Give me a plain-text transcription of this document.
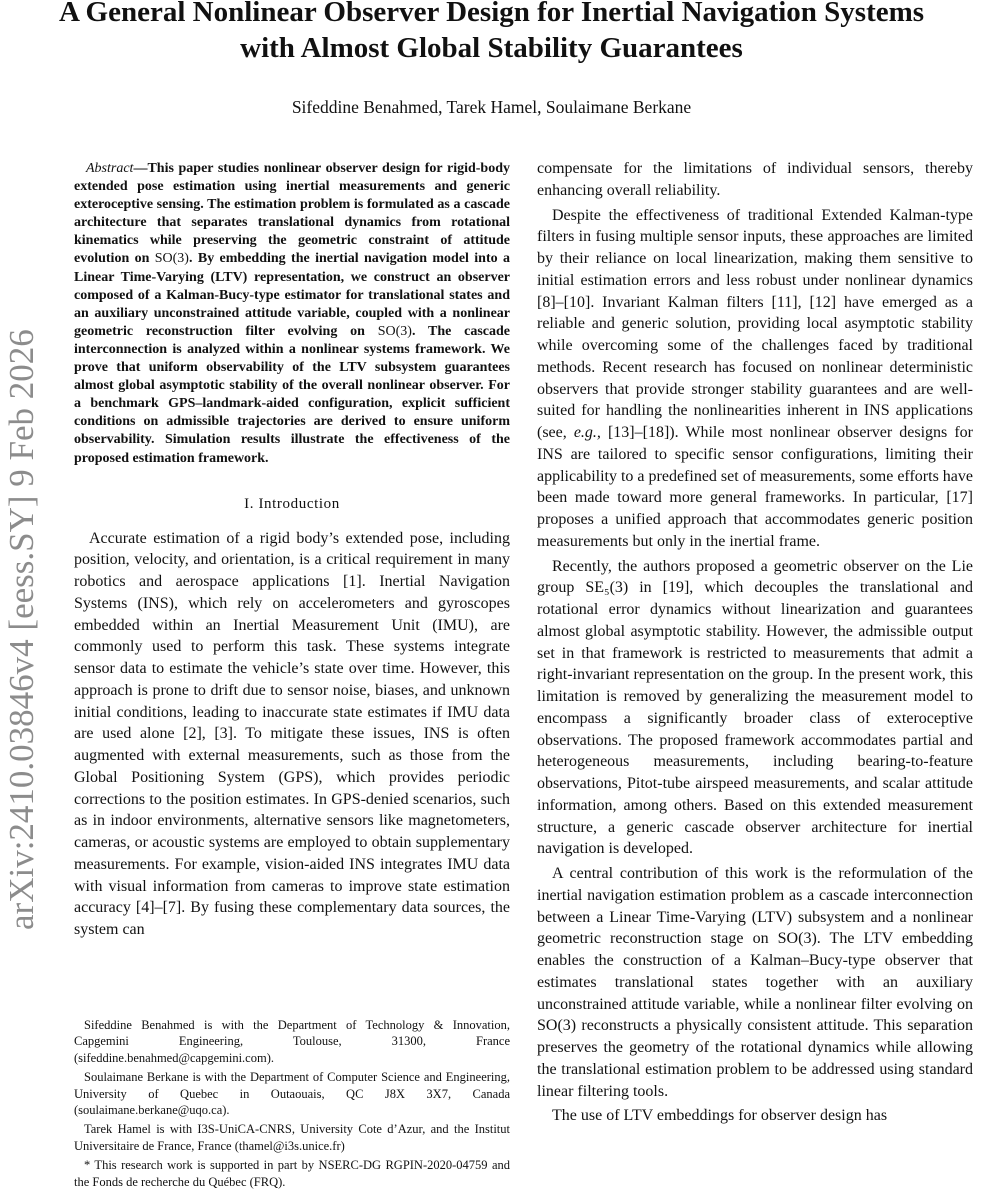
A General Nonlinear Observer Design for Inertial Navigation Systems
with Almost Global Stability Guarantees
Sifeddine Benahmed, Tarek Hamel, Soulaimane Berkane
arXiv:2410.03846v4 [eess.SY] 9 Feb 2026

Abstract—This paper studies nonlinear observer design for rigid-body extended pose estimation using inertial measurements and generic exteroceptive sensing. The estimation problem is formulated as a cascade architecture that separates translational dynamics from rotational kinematics while preserving the geometric constraint of attitude evolution on SO(3). By embedding the inertial navigation model into a Linear Time-Varying (LTV) representation, we construct an observer composed of a Kalman-Bucy-type estimator for translational states and an auxiliary unconstrained attitude variable, coupled with a nonlinear geometric reconstruction filter evolving on SO(3). The cascade interconnection is analyzed within a nonlinear systems framework. We prove that uniform observability of the LTV subsystem guarantees almost global asymptotic stability of the overall nonlinear observer. For a benchmark GPS–landmark-aided configuration, explicit sufficient conditions on admissible trajectories are derived to ensure uniform observability. Simulation results illustrate the effectiveness of the proposed estimation framework.

I. Introduction

Accurate estimation of a rigid body’s extended pose, including position, velocity, and orientation, is a critical requirement in many robotics and aerospace applications [1]. Inertial Navigation Systems (INS), which rely on accelerometers and gyroscopes embedded within an Inertial Measurement Unit (IMU), are commonly used to perform this task. These systems integrate sensor data to estimate the vehicle’s state over time. However, this approach is prone to drift due to sensor noise, biases, and unknown initial conditions, leading to inaccurate state estimates if IMU data are used alone [2], [3]. To mitigate these issues, INS is often augmented with external measurements, such as those from the Global Positioning System (GPS), which provides periodic corrections to the position estimates. In GPS-denied scenarios, such as in indoor environments, alternative sensors like magnetometers, cameras, or acoustic systems are employed to obtain supplementary measurements. For example, vision-aided INS integrates IMU data with visual information from cameras to improve state estimation accuracy [4]–[7]. By fusing these complementary data sources, the system can

compensate for the limitations of individual sensors, thereby enhancing overall reliability.

Despite the effectiveness of traditional Extended Kalman-type filters in fusing multiple sensor inputs, these approaches are limited by their reliance on local linearization, making them sensitive to initial estimation errors and less robust under nonlinear dynamics [8]–[10]. Invariant Kalman filters [11], [12] have emerged as a reliable and generic solution, providing local asymptotic stability while overcoming some of the challenges faced by traditional methods. Recent research has focused on nonlinear deterministic observers that provide stronger stability guarantees and are well-suited for handling the nonlinearities inherent in INS applications (see, e.g., [13]–[18]). While most nonlinear observer designs for INS are tailored to specific sensor configurations, limiting their applicability to a predefined set of measurements, some efforts have been made toward more general frameworks. In particular, [17] proposes a unified approach that accommodates generic position measurements but only in the inertial frame.

Recently, the authors proposed a geometric observer on the Lie group SE₅(3) in [19], which decouples the translational and rotational error dynamics without linearization and guarantees almost global asymptotic stability. However, the admissible output set in that framework is restricted to measurements that admit a right-invariant representation on the group. In the present work, this limitation is removed by generalizing the measurement model to encompass a significantly broader class of exteroceptive observations. The proposed framework accommodates partial and heterogeneous measurements, including bearing-to-feature observations, Pitot-tube airspeed measurements, and scalar attitude information, among others. Based on this extended measurement structure, a generic cascade observer architecture for inertial navigation is developed.

A central contribution of this work is the reformulation of the inertial navigation estimation problem as a cascade interconnection between a Linear Time-Varying (LTV) subsystem and a nonlinear geometric reconstruction stage on SO(3). The LTV embedding enables the construction of a Kalman–Bucy-type observer that estimates translational states together with an auxiliary unconstrained attitude variable, while a nonlinear filter evolving on SO(3) reconstructs a physically consistent attitude. This separation preserves the geometry of the rotational dynamics while allowing the translational estimation problem to be addressed using standard linear filtering tools.

The use of LTV embeddings for observer design has

Sifeddine Benahmed is with the Department of Technology & Innovation, Capgemini Engineering, Toulouse, 31300, France (sifeddine.benahmed@capgemini.com).

Soulaimane Berkane is with the Department of Computer Science and Engineering, University of Quebec in Outaouais, QC J8X 3X7, Canada (soulaimane.berkane@uqo.ca).

Tarek Hamel is with I3S-UniCA-CNRS, University Cote d’Azur, and the Institut Universitaire de France, France (thamel@i3s.unice.fr)

* This research work is supported in part by NSERC-DG RGPIN-2020-04759 and the Fonds de recherche du Québec (FRQ).
